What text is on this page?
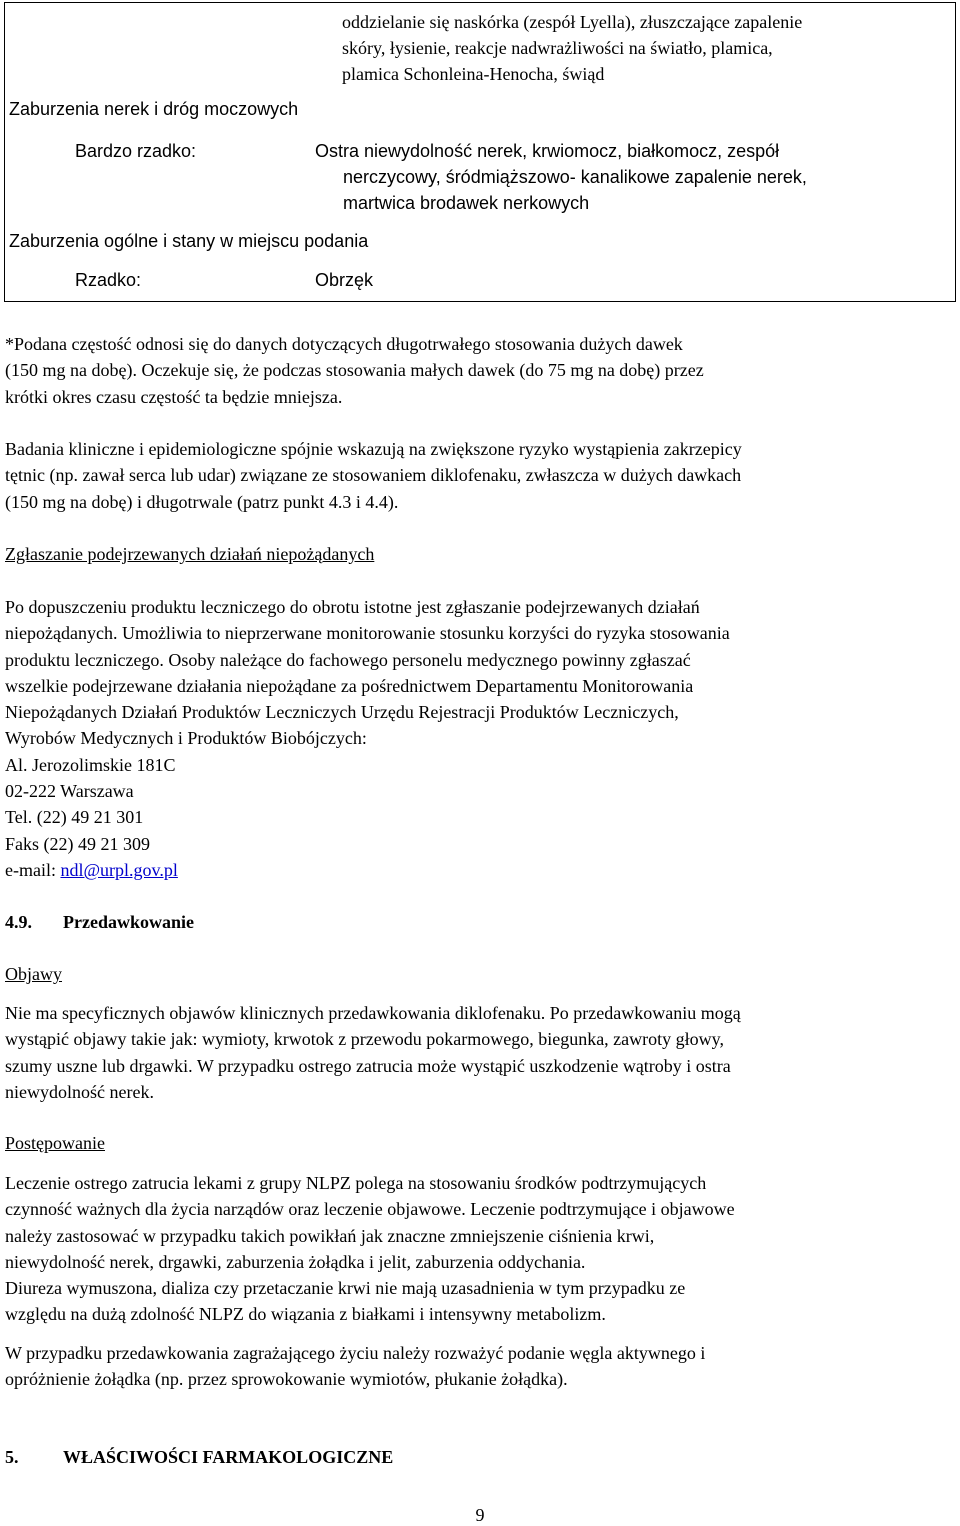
oddzielanie się naskórka (zespół Lyella), złuszczające zapalenie
skóry, łysienie, reakcje nadwrażliwości na światło, plamica,
plamica Schonleina-Henocha, świąd
Zaburzenia nerek i dróg moczowych
Bardzo rzadko:	Ostra niewydolność nerek, krwiomocz, białkomocz, zespół
nerczycowy, śródmiąższowo- kanalikowe zapalenie nerek,
martwica brodawek nerkowych
Zaburzenia ogólne i stany w miejscu podania
Rzadko:	Obrzęk

*Podana częstość odnosi się do danych dotyczących długotrwałego stosowania dużych dawek
(150 mg na dobę). Oczekuje się, że podczas stosowania małych dawek (do 75 mg na dobę) przez
krótki okres czasu częstość ta będzie mniejsza.

Badania kliniczne i epidemiologiczne spójnie wskazują na zwiększone ryzyko wystąpienia zakrzepicy
tętnic (np. zawał serca lub udar) związane ze stosowaniem diklofenaku, zwłaszcza w dużych dawkach
(150 mg na dobę) i długotrwale (patrz punkt 4.3 i 4.4).

Zgłaszanie podejrzewanych działań niepożądanych

Po dopuszczeniu produktu leczniczego do obrotu istotne jest zgłaszanie podejrzewanych działań
niepożądanych. Umożliwia to nieprzerwane monitorowanie stosunku korzyści do ryzyka stosowania
produktu leczniczego. Osoby należące do fachowego personelu medycznego powinny zgłaszać
wszelkie podejrzewane działania niepożądane za pośrednictwem Departamentu Monitorowania
Niepożądanych Działań Produktów Leczniczych Urzędu Rejestracji Produktów Leczniczych,
Wyrobów Medycznych i Produktów Biobójczych:
Al. Jerozolimskie 181C
02-222 Warszawa
Tel. (22) 49 21 301
Faks (22) 49 21 309
e-mail: ndl@urpl.gov.pl

4.9. Przedawkowanie

Objawy

Nie ma specyficznych objawów klinicznych przedawkowania diklofenaku. Po przedawkowaniu mogą
wystąpić objawy takie jak: wymioty, krwotok z przewodu pokarmowego, biegunka, zawroty głowy,
szumy uszne lub drgawki. W przypadku ostrego zatrucia może wystąpić uszkodzenie wątroby i ostra
niewydolność nerek.

Postępowanie

Leczenie ostrego zatrucia lekami z grupy NLPZ polega na stosowaniu środków podtrzymujących
czynność ważnych dla życia narządów oraz leczenie objawowe. Leczenie podtrzymujące i objawowe
należy zastosować w przypadku takich powikłań jak znaczne zmniejszenie ciśnienia krwi,
niewydolność nerek, drgawki, zaburzenia żołądka i jelit, zaburzenia oddychania.
Diureza wymuszona, dializa czy przetaczanie krwi nie mają uzasadnienia w tym przypadku ze
względu na dużą zdolność NLPZ do wiązania z białkami i intensywny metabolizm.

W przypadku przedawkowania zagrażającego życiu należy rozważyć podanie węgla aktywnego i
opróżnienie żołądka (np. przez sprowokowanie wymiotów, płukanie żołądka).

5. WŁAŚCIWOŚCI FARMAKOLOGICZNE
9
